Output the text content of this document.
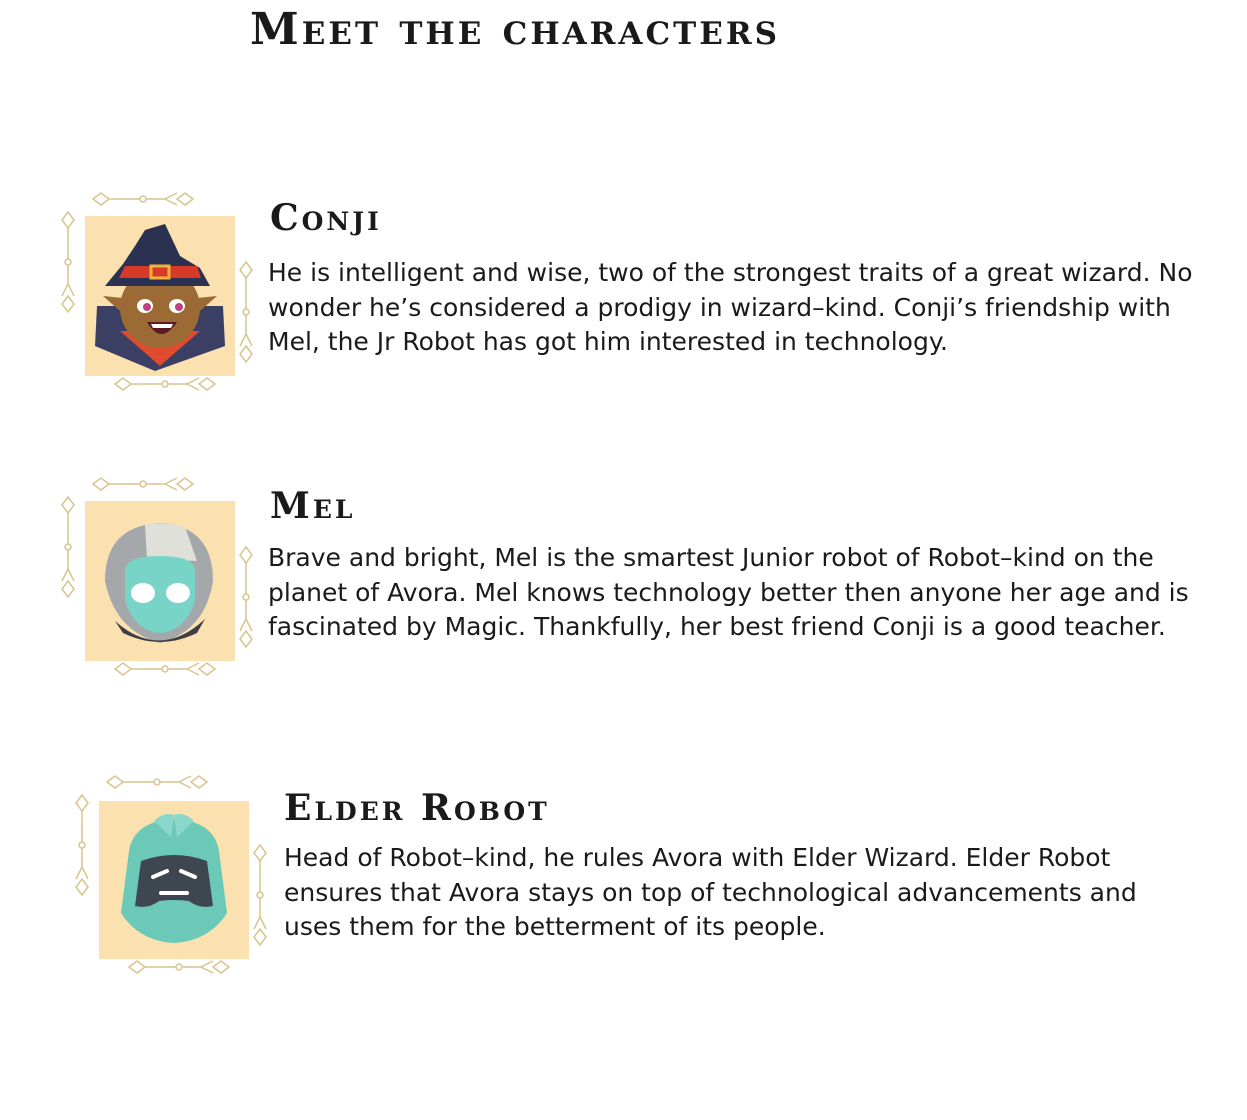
Meet the characters
Conji

He is intelligent and wise, two of the strongest traits of a great wizard. No wonder he’s considered a prodigy in wizard–kind. Conji’s friendship with Mel, the Jr Robot has got him interested in technology.

Mel

Brave and bright, Mel is the smartest Junior robot of Robot–kind on the planet of Avora. Mel knows technology better then anyone her age and is fascinated by Magic. Thankfully, her best friend Conji is a good teacher.

Elder Robot

Head of Robot–kind, he rules Avora with Elder Wizard. Elder Robot ensures that Avora stays on top of technological advancements and uses them for the betterment of its people.
